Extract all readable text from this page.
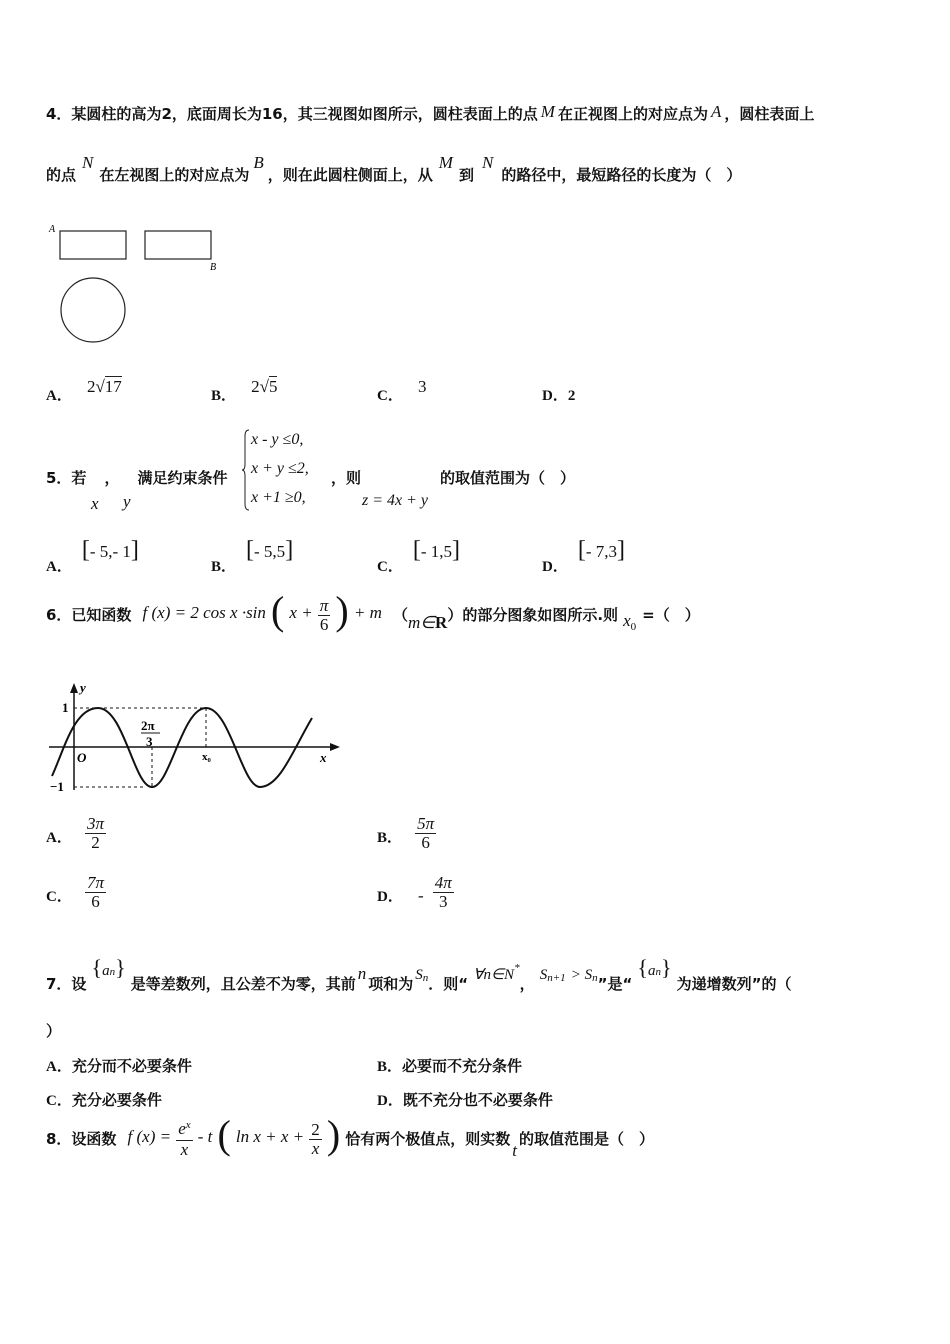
4．某圆柱的高为2，底面周长为16，其三视图如图所示，圆柱表面上的点 M 在正视图上的对应点为 A ，圆柱表面上
的点N在左视图上的对应点为B，则在此圆柱侧面上，从M到N的路径中，最短路径的长度为（　）
A
B
A． 2√17	B． 2√5	C． 3	D．2
5．若 ， 满足约束条件
x y
x - y ≤0,
x + y ≤2,
x +1 ≥0,
，则
z = 4x + y
的取值范围为（　）
A．[- 5,- 1]
B．[- 5,5]
C．[- 1,5]
D．[- 7,3]
6．已知函数 f (x) = 2 cos x ·sin ( $x + \frac{\pi}{6}$ ) + m （m∈R）的部分图象如图所示.则 $x^0=$（　）
y
x
1
−1
O
2π
3
x₀
A． $\frac{3\pi}{2}$	B． $\frac{5\pi}{6}$
C． $\frac{7\pi}{6}$	D． - $\frac{4\pi}{3}$
7．设 {an} 是等差数列，且公差不为零，其前n项和为 $S_n$．则“ ∀n∈N*， $S_{n+1} > S_n$”是“ {an} 为递增数列”的（
）
A．充分而不必要条件	B．必要而不充分条件
C．充分必要条件	D．既不充分也不必要条件
8．设函数 f $(x) = \frac{e^x}{x} - t$ ( $\ln x + x + \frac{2}{x}$ ) 恰有两个极值点，则实数t的取值范围是（　）
